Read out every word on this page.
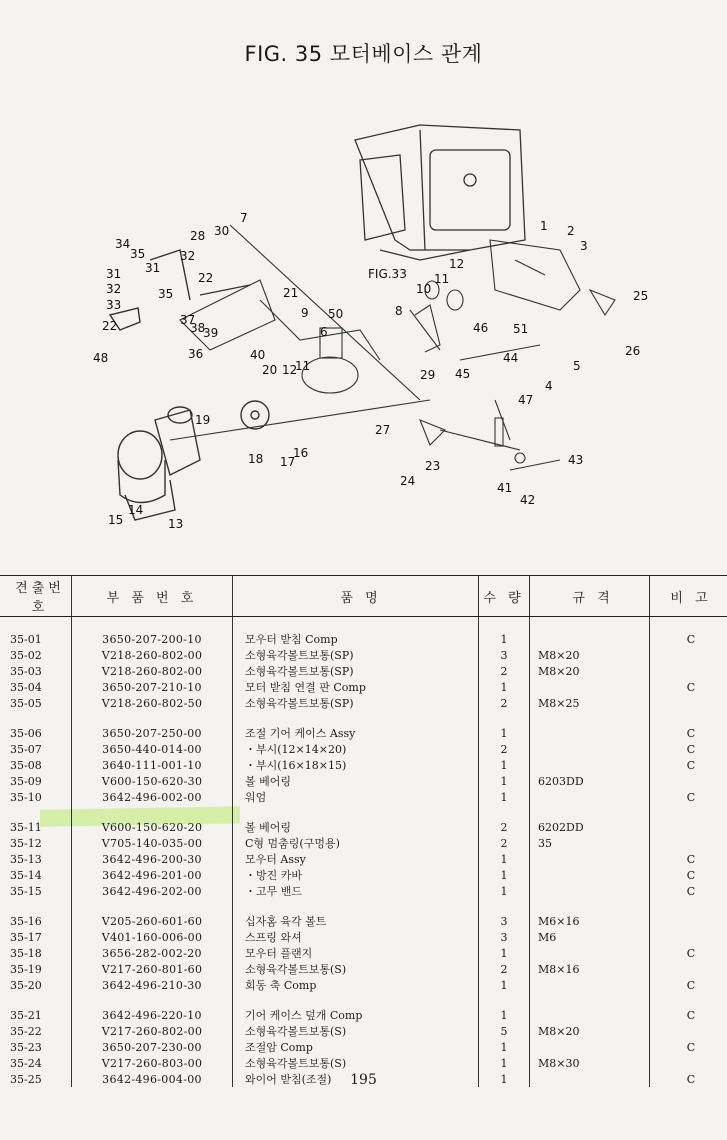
FIG. 35 모터베이스 관계
2
1
3
25
26
5
4
51
44
46
45
47
43
41
42
12
11
10
FIG.33
8
29
27
23
24
6
7
30
28
32
22
21
50
9
34
35
31
31
32	35
33
37
38
39
22
48	36	40
20 12
11
19
18 17
16
15
14
13
견출번호	부 품 번 호	품 명	수 량	규 격	비 고

35-01	3650-207-200-10	모우터 받침 Comp	1		C
35-02	V218-260-802-00	소형육각볼트보통(SP)	3	M8×20	
35-03	V218-260-802-00	소형육각볼트보통(SP)	2	M8×20	
35-04	3650-207-210-10	모터 받침 연결 판 Comp	1		C
35-05	V218-260-802-50	소형육각볼트보통(SP)	2	M8×25	

35-06	3650-207-250-00	조절 기어 케이스 Assy	1		C
35-07	3650-440-014-00	・부시(12×14×20)	2		C
35-08	3640-111-001-10	・부시(16×18×15)	1		C
35-09	V600-150-620-30	볼 베어링	1	6203DD	
35-10	3642-496-002-00	워엄	1		C

35-11	V600-150-620-20	볼 베어링	2	6202DD	
35-12	V705-140-035-00	C형 멈춤링(구멍용)	2	35	
35-13	3642-496-200-30	모우터 Assy	1		C
35-14	3642-496-201-00	・방진 카바	1		C
35-15	3642-496-202-00	・고무 밴드	1		C

35-16	V205-260-601-60	십자홈 육각 볼트	3	M6×16	
35-17	V401-160-006-00	스프링 와셔	3	M6	
35-18	3656-282-002-20	모우터 플랜지	1		C
35-19	V217-260-801-60	소형육각볼트보통(S)	2	M8×16	
35-20	3642-496-210-30	회동 축 Comp	1		C

35-21	3642-496-220-10	기어 케이스 덮개 Comp	1		C
35-22	V217-260-802-00	소형육각볼트보통(S)	5	M8×20	
35-23	3650-207-230-00	조절암 Comp	1		C
35-24	V217-260-803-00	소형육각볼트보통(S)	1	M8×30	
35-25	3642-496-004-00	와이어 받침(조절)	1		C
195
